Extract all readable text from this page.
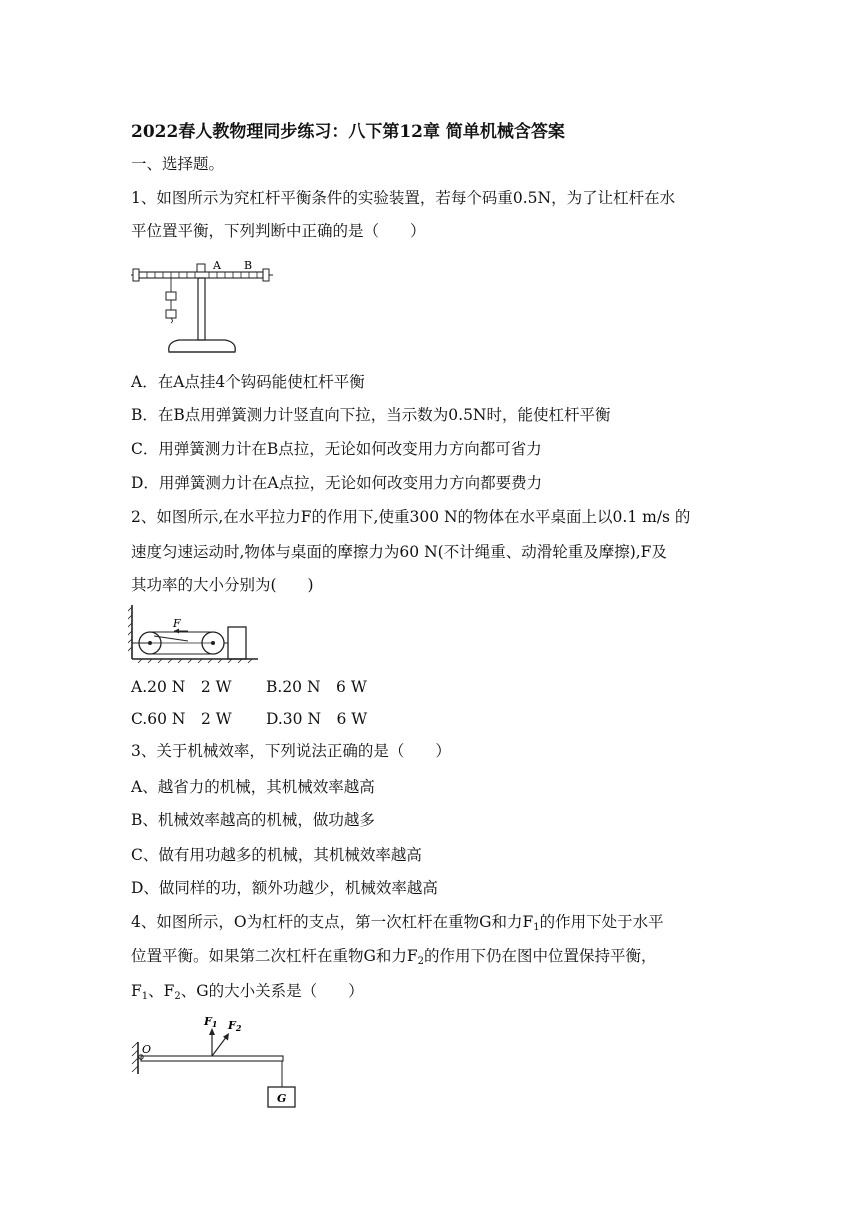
2022春人教物理同步练习：八下第12章 简单机械含答案
一、选择题。
1、如图所示为究杠杆平衡条件的实验装置，若每个码重0.5N，为了让杠杆在水
平位置平衡，下列判断中正确的是（　　）
A B
A．在A点挂4个钩码能使杠杆平衡
B．在B点用弹簧测力计竖直向下拉，当示数为0.5N时，能使杠杆平衡
C．用弹簧测力计在B点拉，无论如何改变用力方向都可省力
D．用弹簧测力计在A点拉，无论如何改变用力方向都要费力
2、如图所示,在水平拉力F的作用下,使重300 N的物体在水平桌面上以0.1 m/s 的
速度匀速运动时,物体与桌面的摩擦力为60 N(不计绳重、动滑轮重及摩擦),F及
其功率的大小分别为(　　)
F
A.20 N　2 W B.20 N　6 W
C.60 N　2 W D.30 N　6 W
3、关于机械效率，下列说法正确的是（　　）
A、越省力的机械，其机械效率越高
B、机械效率越高的机械，做功越多
C、做有用功越多的机械，其机械效率越高
D、做同样的功，额外功越少，机械效率越高
4、如图所示，O为杠杆的支点，第一次杠杆在重物G和力$F_1$的作用下处于水平
位置平衡。如果第二次杠杆在重物G和力$F_2$的作用下仍在图中位置保持平衡，
$F_1$、$F_2$、G的大小关系是（　　）
O
F1 F2
G
